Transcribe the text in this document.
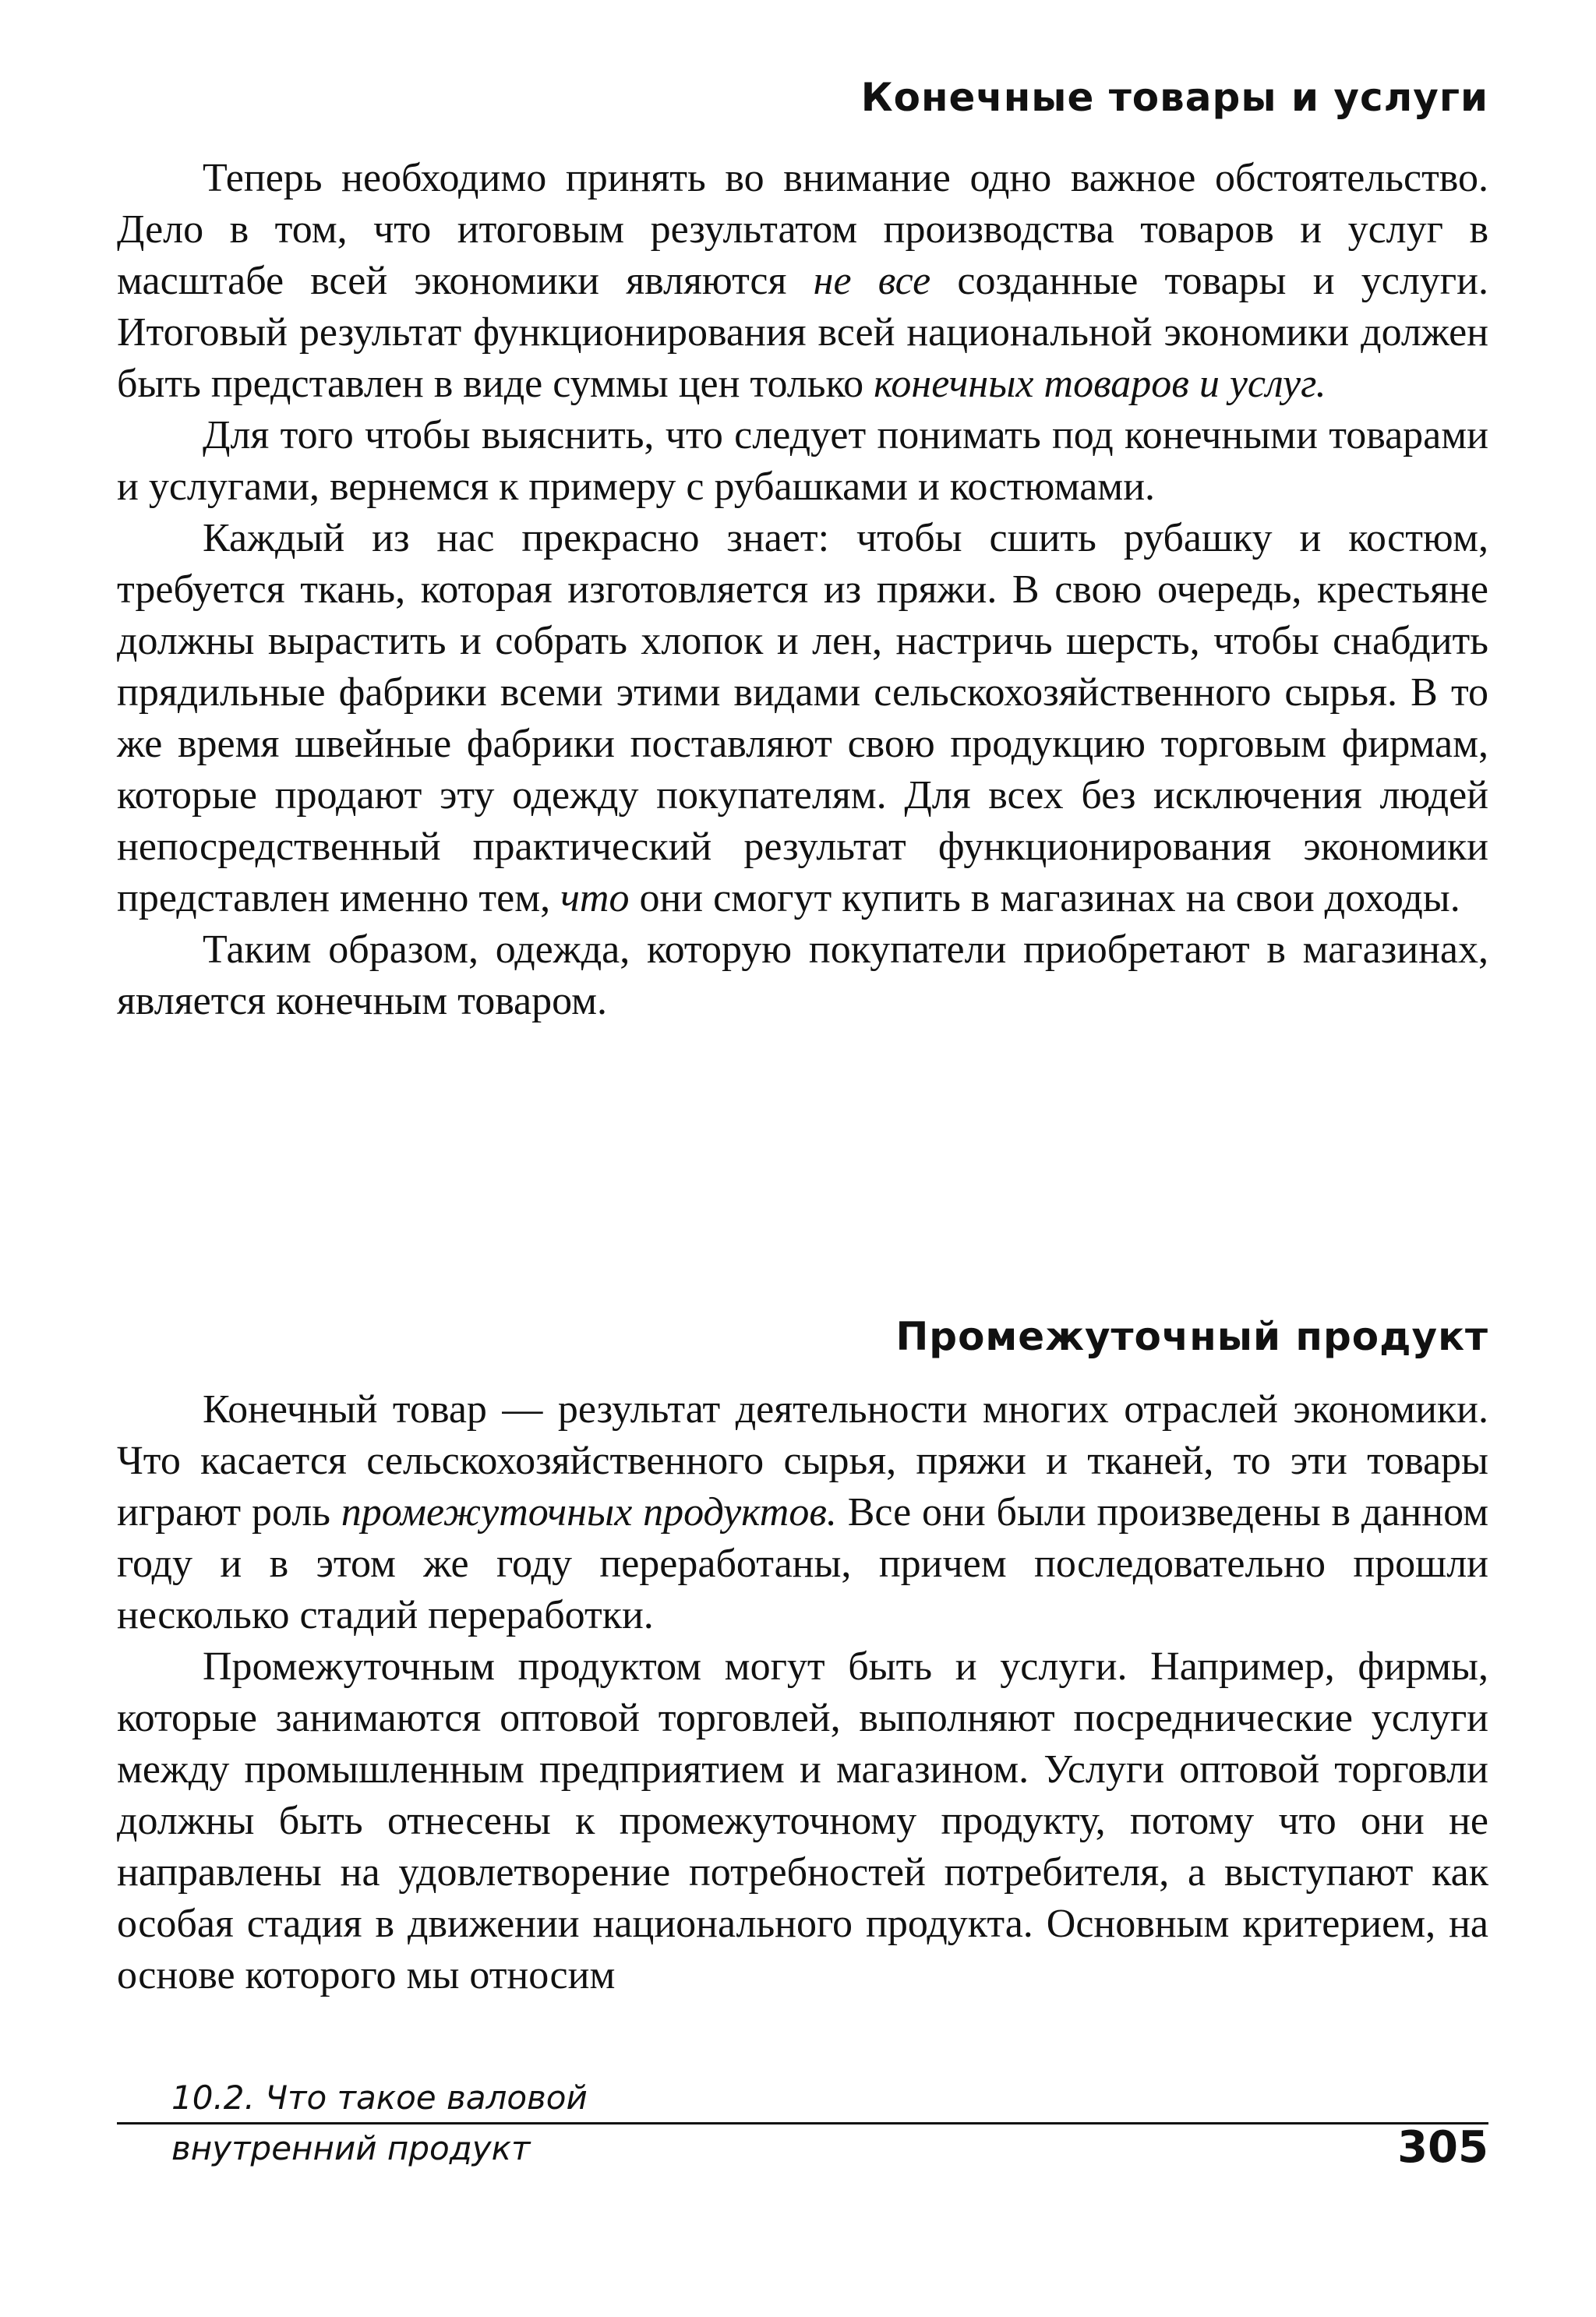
Конечные товары и услуги

Теперь необходимо принять во внимание одно важное обстоятельство. Дело в том, что итоговым результатом производства товаров и услуг в масштабе всей экономики являются не все созданные товары и услуги. Итоговый результат функционирования всей национальной экономики должен быть представлен в виде суммы цен только конечных товаров и услуг.

Для того чтобы выяснить, что следует понимать под конечными товарами и услугами, вернемся к примеру с рубашками и костюмами.

Каждый из нас прекрасно знает: чтобы сшить рубашку и костюм, требуется ткань, которая изготовляется из пряжи. В свою очередь, крестьяне должны вырастить и собрать хлопок и лен, настричь шерсть, чтобы снабдить прядильные фабрики всеми этими видами сельскохозяйственного сырья. В то же время швейные фабрики поставляют свою продукцию торговым фирмам, которые продают эту одежду покупателям. Для всех без исключения людей непосредственный практический результат функционирования экономики представлен именно тем, что они смогут купить в магазинах на свои доходы.

Таким образом, одежда, которую покупатели приобретают в магазинах, является конечным товаром.

Промежуточный продукт

Конечный товар — результат деятельности многих отраслей экономики. Что касается сельскохозяйственного сырья, пряжи и тканей, то эти товары играют роль промежуточных продуктов. Все они были произведены в данном году и в этом же году переработаны, причем последовательно прошли несколько стадий переработки.

Промежуточным продуктом могут быть и услуги. Например, фирмы, которые занимаются оптовой торговлей, выполняют посреднические услуги между промышленным предприятием и магазином. Услуги оптовой торговли должны быть отнесены к промежуточному продукту, потому что они не направлены на удовлетворение потребностей потребителя, а выступают как особая стадия в движении национального продукта. Основным критерием, на основе которого мы относим

10.2. Что такое валовой
внутренний продукт	305
